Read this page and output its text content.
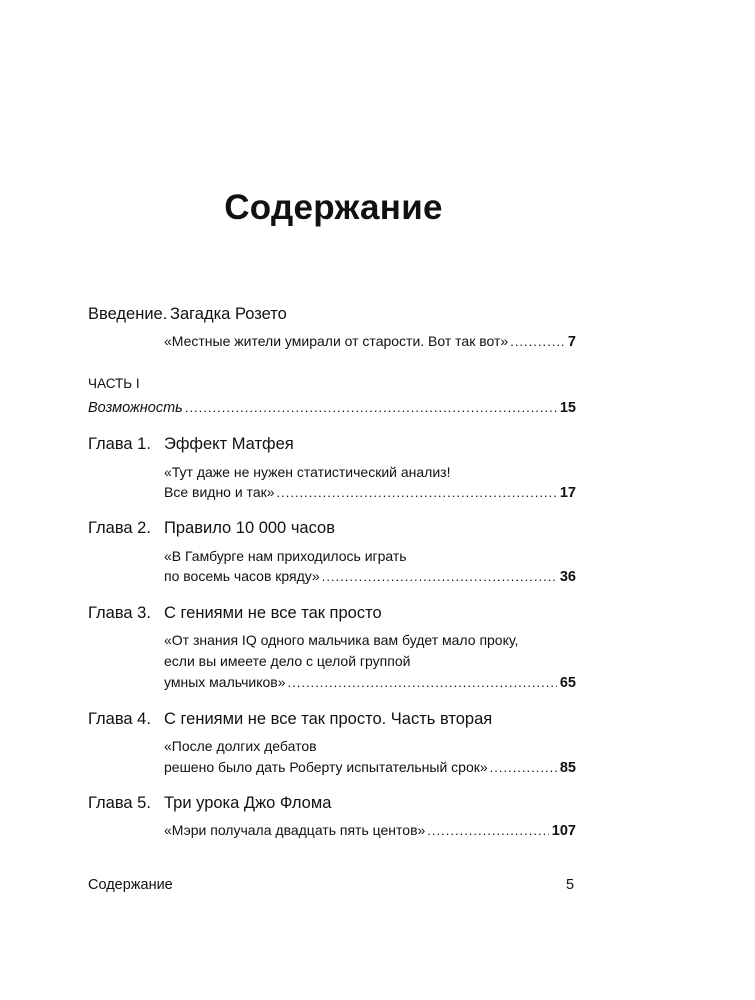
Содержание
Введение. Загадка Розето
«Местные жители умирали от старости. Вот так вот» .....	7
ЧАСТЬ I
Возможность .....	15
Глава 1. Эффект Матфея
«Тут даже не нужен статистический анализ!
Все видно и так» .....	17
Глава 2. Правило 10 000 часов
«В Гамбурге нам приходилось играть
по восемь часов кряду» .....	36
Глава 3. С гениями не все так просто
«От знания IQ одного мальчика вам будет мало проку,
если вы имеете дело с целой группой
умных мальчиков» .....	65
Глава 4. С гениями не все так просто. Часть вторая
«После долгих дебатов
решено было дать Роберту испытательный срок» .....	85
Глава 5. Три урока Джо Флома
«Мэри получала двадцать пять центов» .....	107
Содержание	5
